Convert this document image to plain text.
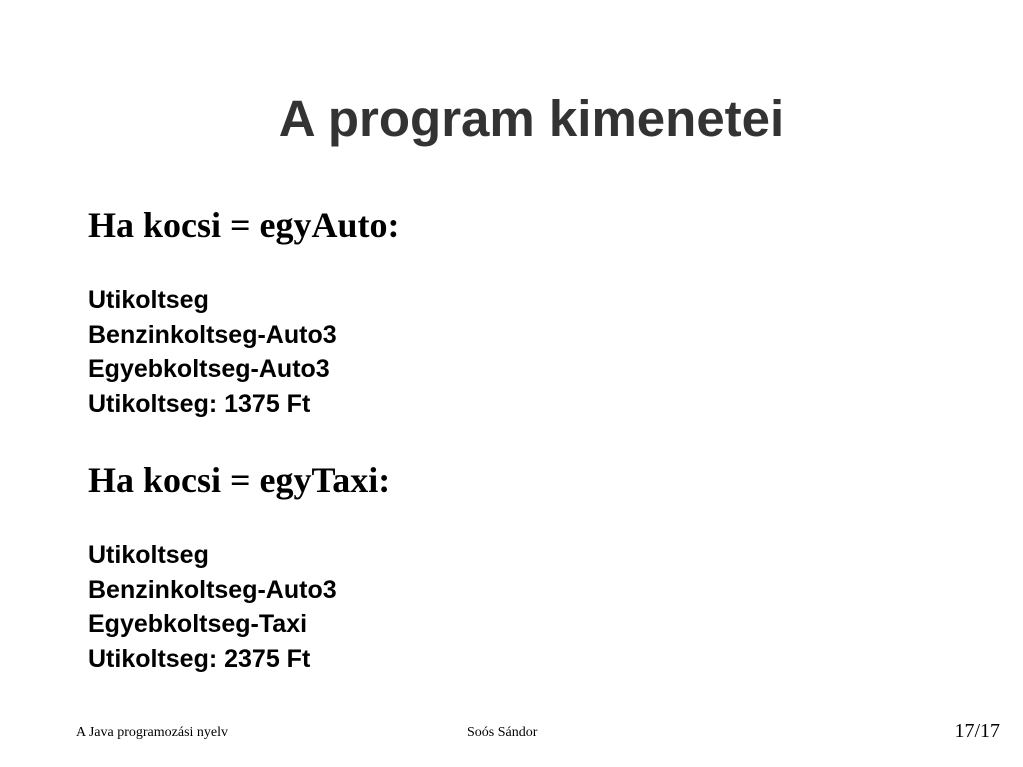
A program kimenetei
Ha kocsi = egyAuto:
Utikoltseg
Benzinkoltseg-Auto3
Egyebkoltseg-Auto3
Utikoltseg: 1375 Ft
Ha kocsi = egyTaxi:
Utikoltseg
Benzinkoltseg-Auto3
Egyebkoltseg-Taxi
Utikoltseg: 2375 Ft
A Java programozási nyelv	Soós Sándor	17/17
